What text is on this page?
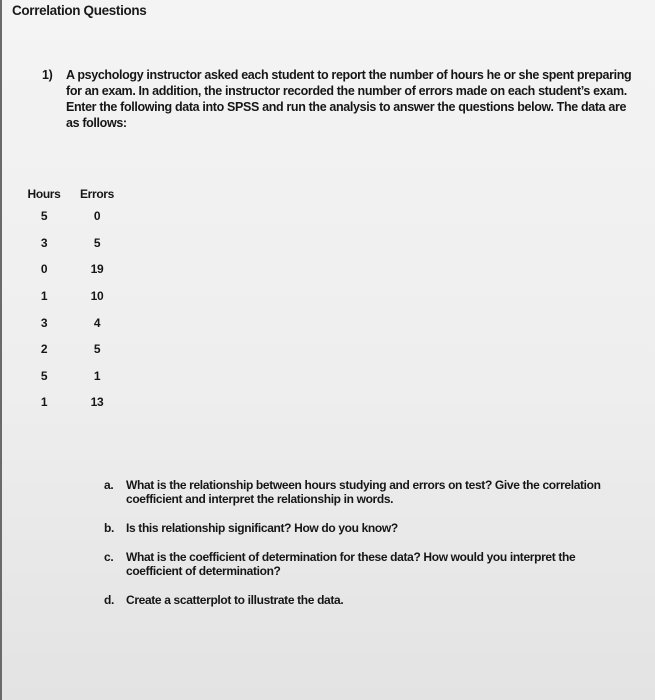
Correlation Questions
1)	A psychology instructor asked each student to report the number of hours he or she spent preparing for an exam. In addition, the instructor recorded the number of errors made on each student’s exam. Enter the following data into SPSS and run the analysis to answer the questions below. The data are as follows:
Hours	Errors
5	0
3	5
0	19
1	10
3	4
2	5
5	1
1	13
a.	What is the relationship between hours studying and errors on test? Give the correlation coefficient and interpret the relationship in words.
b.	Is this relationship significant? How do you know?
c.	What is the coefficient of determination for these data? How would you interpret the coefficient of determination?
d.	Create a scatterplot to illustrate the data.
